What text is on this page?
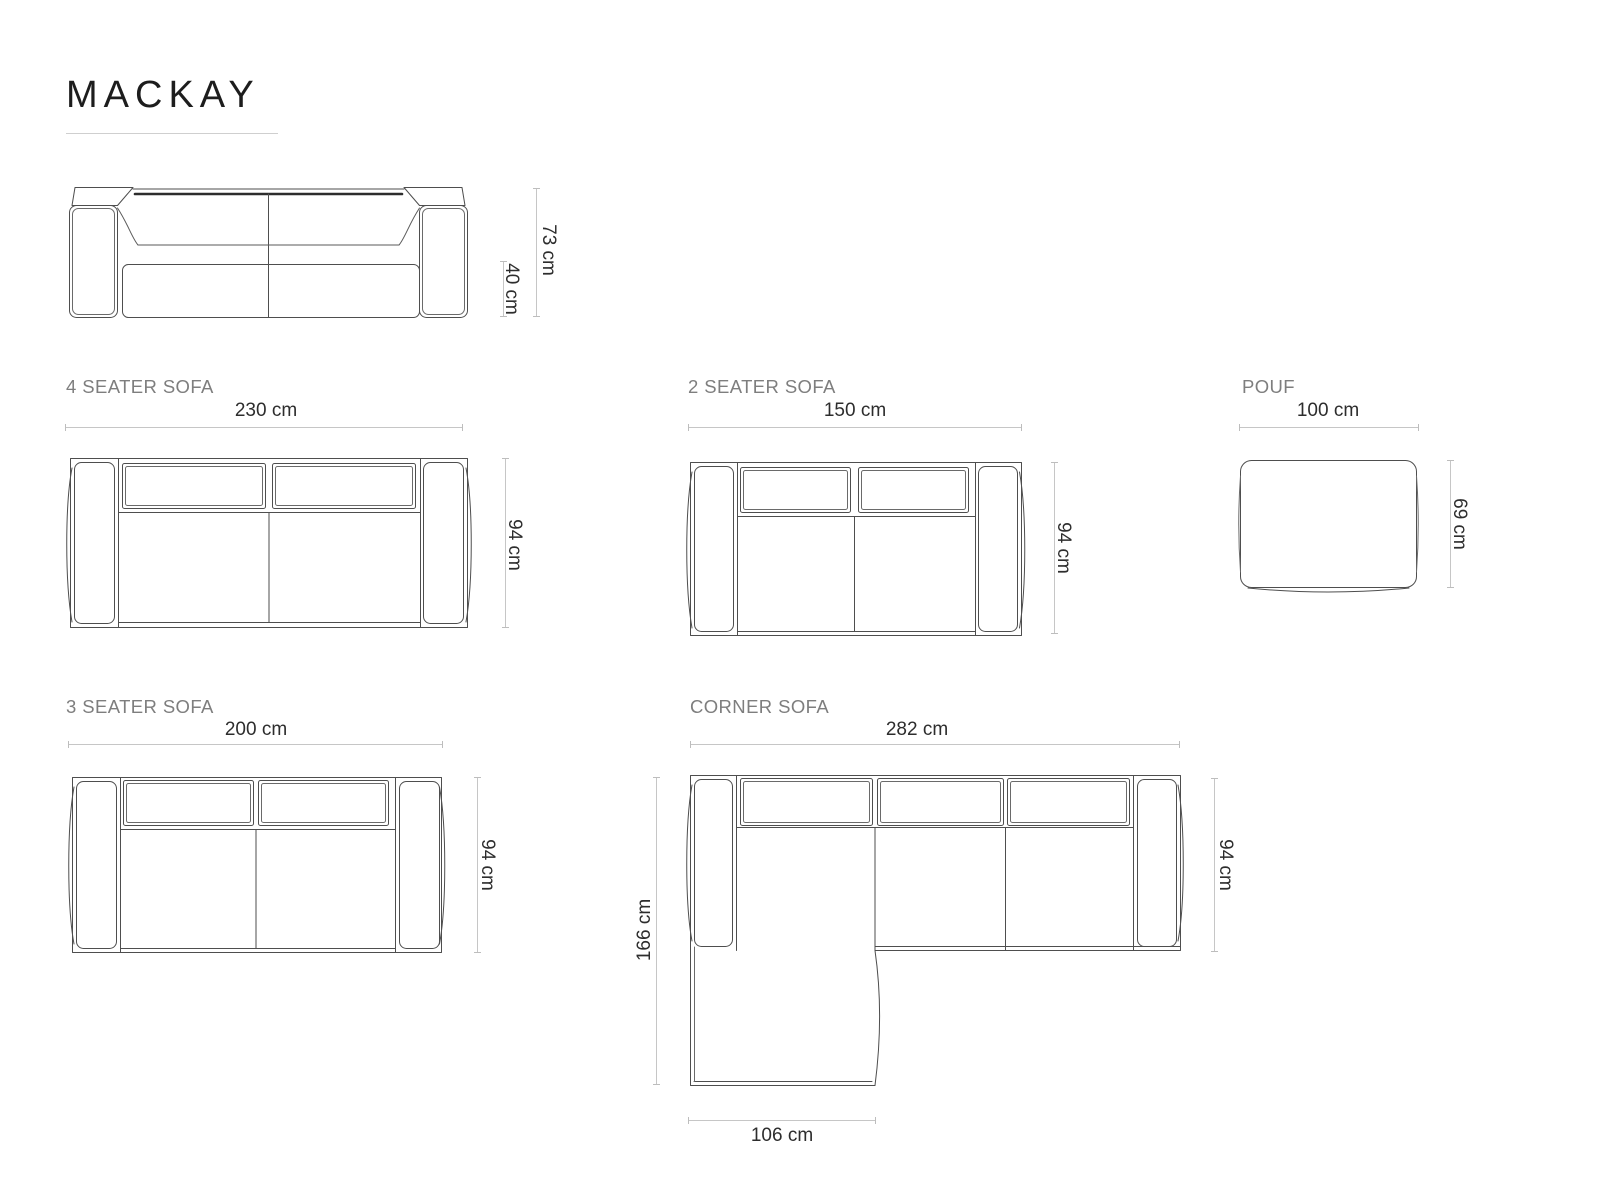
MACKAY
73 cm
40 cm
4 SEATER SOFA
230 cm
94 cm
2 SEATER SOFA
150 cm
94 cm
POUF
100 cm
69 cm
3 SEATER SOFA
200 cm
94 cm
CORNER SOFA
282 cm
166 cm
94 cm
106 cm
